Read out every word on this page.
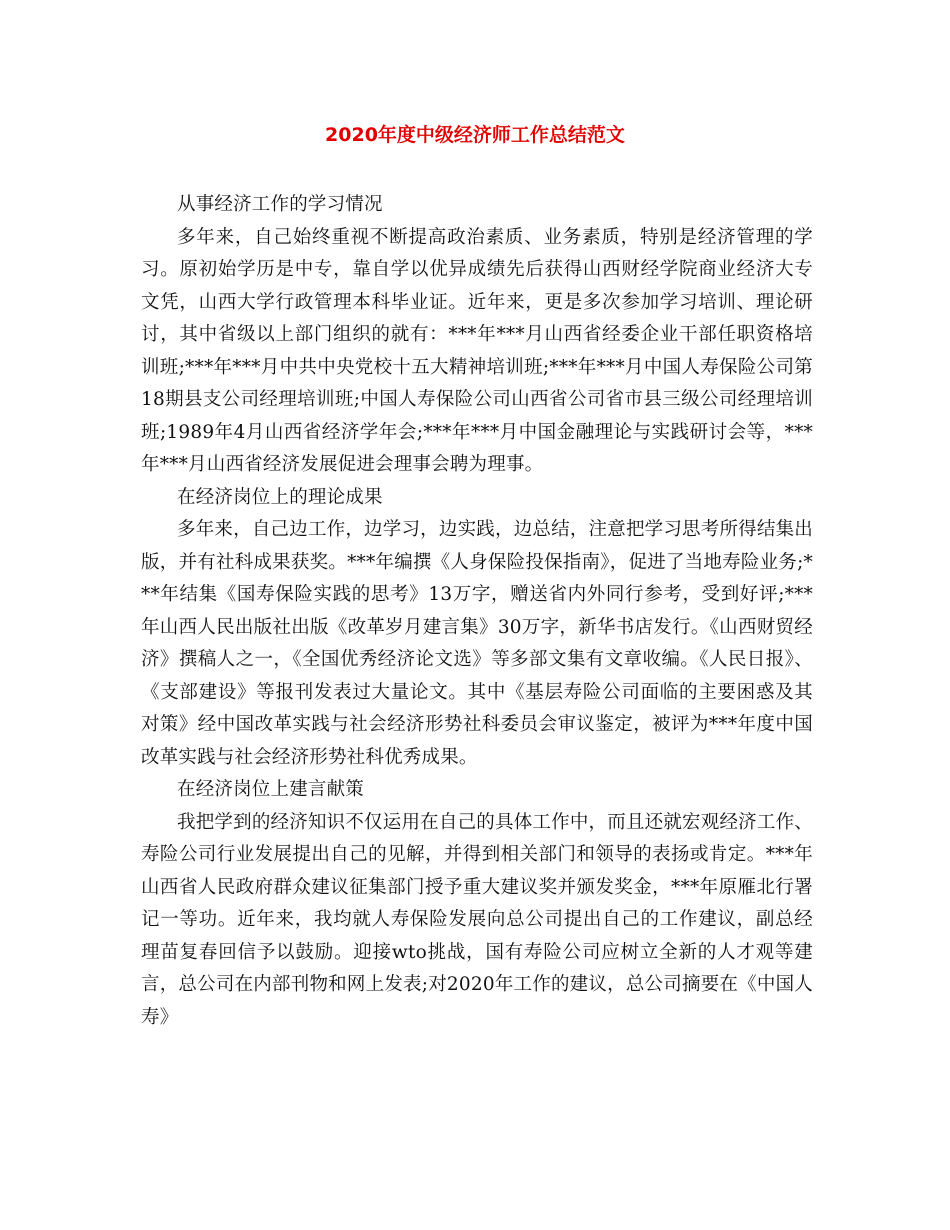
2020年度中级经济师工作总结范文

从事经济工作的学习情况

多年来，自己始终重视不断提高政治素质、业务素质，特别是经济管理的学习。原初始学历是中专，靠自学以优异成绩先后获得山西财经学院商业经济大专文凭，山西大学行政管理本科毕业证。近年来，更是多次参加学习培训、理论研讨，其中省级以上部门组织的就有：***年***月山西省经委企业干部任职资格培训班;***年***月中共中央党校十五大精神培训班;***年***月中国人寿保险公司第18期县支公司经理培训班;中国人寿保险公司山西省公司省市县三级公司经理培训班;1989年4月山西省经济学年会;***年***月中国金融理论与实践研讨会等，***年***月山西省经济发展促进会理事会聘为理事。

在经济岗位上的理论成果

多年来，自己边工作，边学习，边实践，边总结，注意把学习思考所得结集出版，并有社科成果获奖。***年编撰《人身保险投保指南》，促进了当地寿险业务;***年结集《国寿保险实践的思考》13万字，赠送省内外同行参考，受到好评;***年山西人民出版社出版《改革岁月建言集》30万字，新华书店发行。《山西财贸经济》撰稿人之一，《全国优秀经济论文选》等多部文集有文章收编。《人民日报》、《支部建设》等报刊发表过大量论文。其中《基层寿险公司面临的主要困惑及其对策》经中国改革实践与社会经济形势社科委员会审议鉴定，被评为***年度中国改革实践与社会经济形势社科优秀成果。

在经济岗位上建言献策

我把学到的经济知识不仅运用在自己的具体工作中，而且还就宏观经济工作、寿险公司行业发展提出自己的见解，并得到相关部门和领导的表扬或肯定。***年山西省人民政府群众建议征集部门授予重大建议奖并颁发奖金，***年原雁北行署记一等功。近年来，我均就人寿保险发展向总公司提出自己的工作建议，副总经理苗复春回信予以鼓励。迎接wto挑战，国有寿险公司应树立全新的人才观等建言，总公司在内部刊物和网上发表;对2020年工作的建议，总公司摘要在《中国人寿》
